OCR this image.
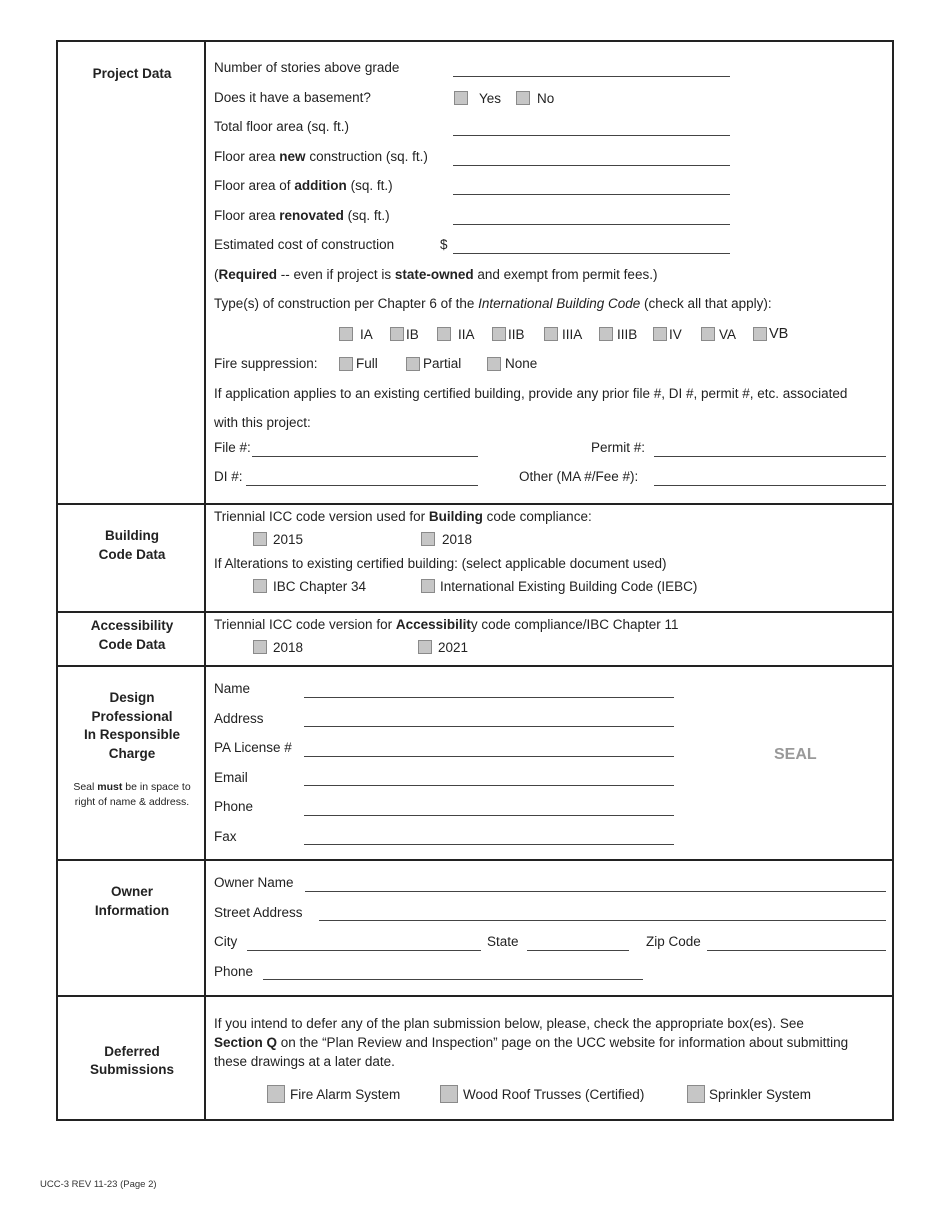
Project Data	Number of stories above grade
Does it have a basement?	Yes	No
Total floor area (sq. ft.)
Floor area new construction (sq. ft.)
Floor area of addition (sq. ft.)
Floor area renovated (sq. ft.)
Estimated cost of construction	$
(Required -- even if project is state-owned and exempt from permit fees.)
Type(s) of construction per Chapter 6 of the International Building Code (check all that apply):
IA IB	IIA IIB	IIIA	IIIB IV	VA VB
Fire suppression:	Full	Partial	None
If application applies to an existing certified building, provide any prior file #, DI #, permit #, etc. associated
with this project:
File #:	Permit #:
DI #:	Other (MA #/Fee #):
Building
Code Data
Triennial ICC code version used for Building code compliance:
2015	2018
If Alterations to existing certified building: (select applicable document used)
IBC Chapter 34	International Existing Building Code (IEBC)
Accessibility
Code Data
Triennial ICC code version for Accessibility code compliance/IBC Chapter 11
2018	2021
Design
Professional
In Responsible
Charge
Seal must be in space to
right of name & address.
Name
Address
PA License #
Email
Phone
Fax
SEAL
Owner
Information
Owner Name
Street Address
City	State	Zip Code
Phone
Deferred
Submissions
If you intend to defer any of the plan submission below, please, check the appropriate box(es). See
Section Q on the “Plan Review and Inspection” page on the UCC website for information about submitting
these drawings at a later date.
Fire Alarm System	Wood Roof Trusses (Certified)	Sprinkler System
UCC-3 REV 11-23 (Page 2)
